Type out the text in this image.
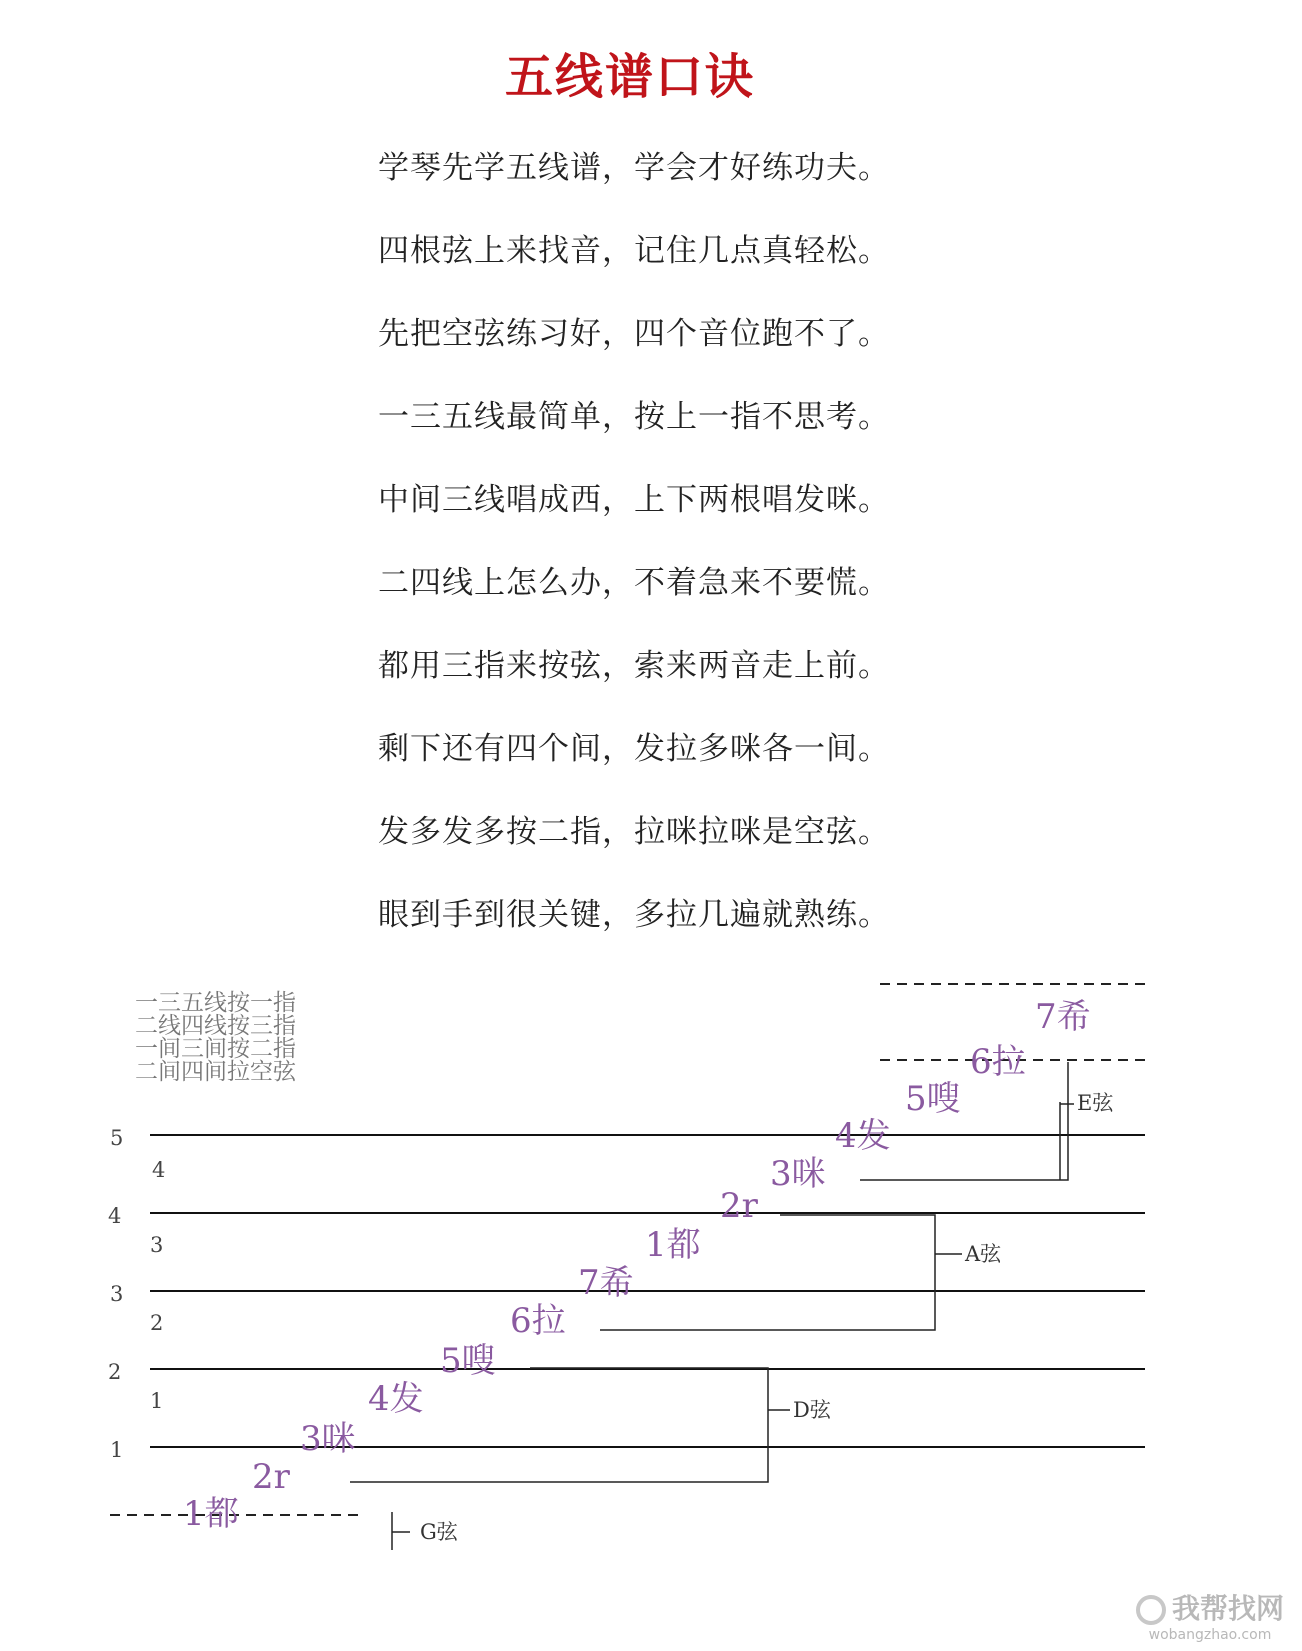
五线谱口诀
学琴先学五线谱，学会才好练功夫。
四根弦上来找音，记住几点真轻松。
先把空弦练习好，四个音位跑不了。
一三五线最简单，按上一指不思考。
中间三线唱成西，上下两根唱发咪。
二四线上怎么办，不着急来不要慌。
都用三指来按弦，索来两音走上前。
剩下还有四个间，发拉多咪各一间。
发多发多按二指，拉咪拉咪是空弦。
眼到手到很关键，多拉几遍就熟练。
一三五线按一指
二线四线按三指
一间三间按二指
二间四间拉空弦
5
4
3
2
1
4
3
2
1
1都
2r
3咪
4发
5嗖
6拉
7希
1都
2r
3咪
4发
5嗖
6拉
7希
G弦
D弦
A弦
E弦
我帮找网
wobangzhao.com
